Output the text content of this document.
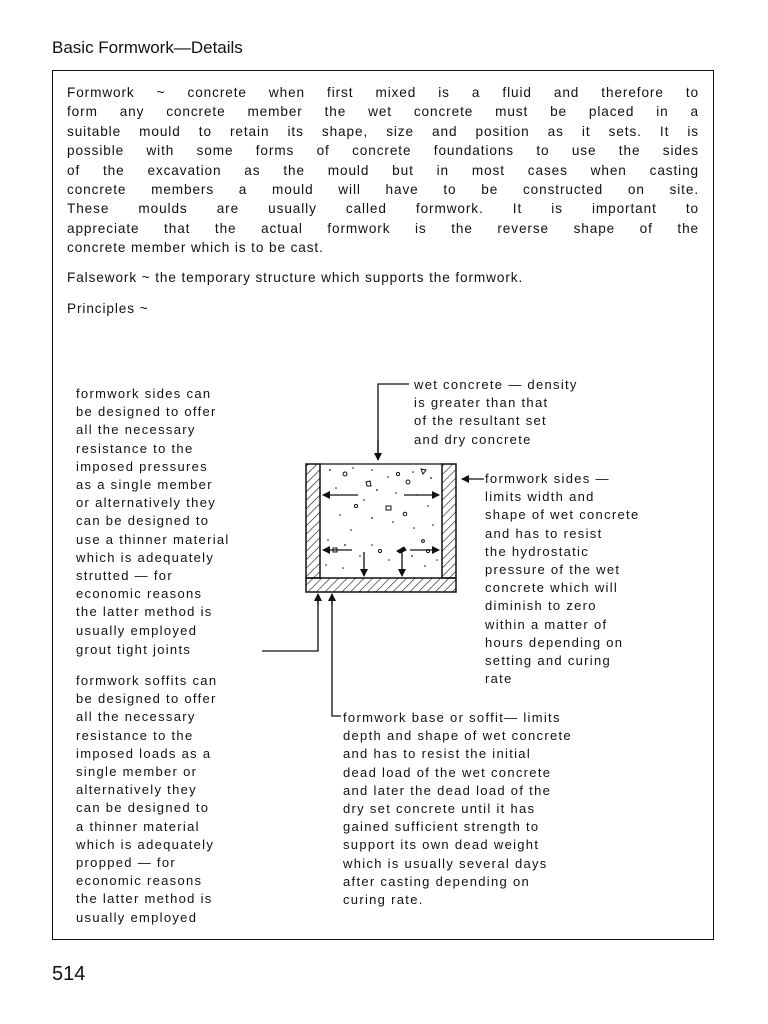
Basic Formwork—Details
Formwork ~ concrete when first mixed is a fluid and therefore to
form any concrete member the wet concrete must be placed in a
suitable mould to retain its shape, size and position as it sets. It is
possible with some forms of concrete foundations to use the sides
of the excavation as the mould but in most cases when casting
concrete members a mould will have to be constructed on site.
These moulds are usually called formwork. It is important to
appreciate that the actual formwork is the reverse shape of the
concrete member which is to be cast.

Falsework ~ the temporary structure which supports the formwork.

Principles ~

formwork sides can
be designed to offer
all the necessary
resistance to the
imposed pressures
as a single member
or alternatively they
can be designed to
use a thinner material
which is adequately
strutted — for
economic reasons
the latter method is
usually employed
grout tight joints
formwork soffits can
be designed to offer
all the necessary
resistance to the
imposed loads as a
single member or
alternatively they
can be designed to
a thinner material
which is adequately
propped — for
economic reasons
the latter method is
usually employed
wet concrete — density
is greater than that
of the resultant set
and dry concrete
formwork sides —
limits width and
shape of wet concrete
and has to resist
the hydrostatic
pressure of the wet
concrete which will
diminish to zero
within a matter of
hours depending on
setting and curing
rate
formwork base or soffit— limits
depth and shape of wet concrete
and has to resist the initial
dead load of the wet concrete
and later the dead load of the
dry set concrete until it has
gained sufficient strength to
support its own dead weight
which is usually several days
after casting depending on
curing rate.
514
